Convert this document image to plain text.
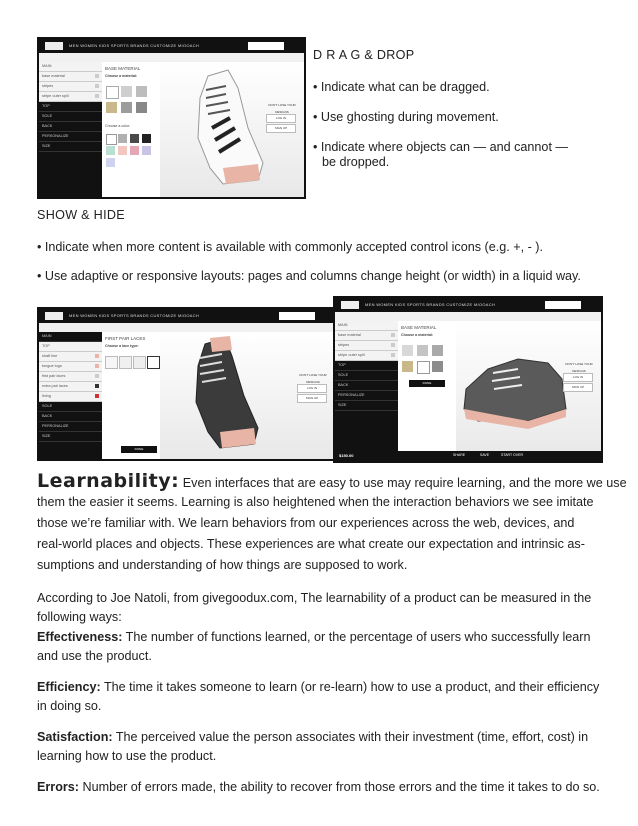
MEN WOMEN KIDS SPORTS BRANDS CUSTOMIZE MIOOACH
MAIN
base material
stripes
stripe outer spill
TOP
SOLE
BACK
PERSONALIZE
SIZE
BASE MATERIAL
Choose a material:
Choose a color:
DON'T LOSE YOUR DESIGNS
LOG IN
SIGN UP
D R A G & DROP
• Indicate what can be dragged.
• Use ghosting during movement.
• Indicate where objects can — and cannot —
be dropped.
SHOW & HIDE
• Indicate when more content is available with commonly accepted control icons (e.g. +, - ).
• Use adaptive or responsive layouts: pages and columns change height (or width) in a liquid way.
MEN WOMEN KIDS SPORTS BRANDS CUSTOMIZE MIOOACH
MAIN
TOP
shaft line
tongue logo
first pair laces
extra pair laces
lining
SOLE
BACK
PERSONALIZE
SIZE
FIRST PAIR LACES
Choose a lace type:
DON'T LOSE YOUR DESIGNS
LOG IN
SIGN UP
DONE
MEN WOMEN KIDS SPORTS BRANDS CUSTOMIZE MIOOACH
MAIN
base material
stripes
stripe outer spill
TOP
SOLE
BACK
PERSONALIZE
SIZE
BASE MATERIAL
Choose a material:
DON'T LOSE YOUR DESIGNS
LOG IN
SIGN UP
DONE
$150.00	SHARE	SAVE	START OVER
Learnability: Even interfaces that are easy to use may require learning, and the more we use
them the easier it seems. Learning is also heightened when the interaction behaviors we see imitate
those we’re familiar with. We learn behaviors from our experiences across the web, devices, and
real-world places and objects. These experiences are what create our expectation and intrinsic as-
sumptions and understanding of how things are supposed to work.
According to Joe Natoli, from givegoodux.com, The learnability of a product can be measured in the
following ways:
Effectiveness: The number of functions learned, or the percentage of users who successfully learn
and use the product.
Efficiency: The time it takes someone to learn (or re-learn) how to use a product, and their efficiency
in doing so.
Satisfaction: The perceived value the person associates with their investment (time, effort, cost) in
learning how to use the product.
Errors: Number of errors made, the ability to recover from those errors and the time it takes to do so.
